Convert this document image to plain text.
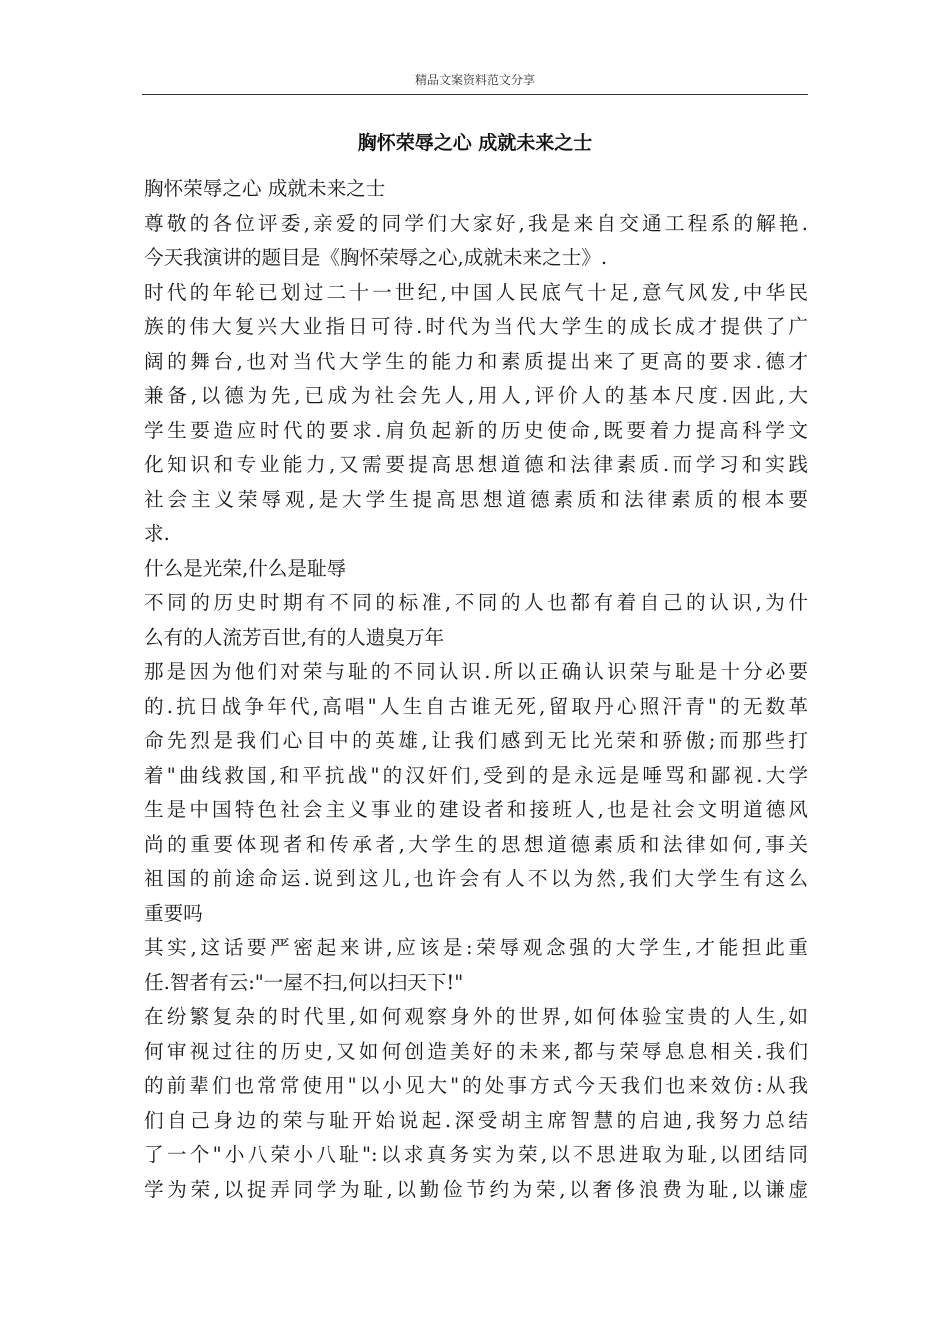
精品文案资料范文分享
胸怀荣辱之心 成就未来之士
胸怀荣辱之心 成就未来之士
尊敬的各位评委,亲爱的同学们大家好,我是来自交通工程系的解艳.
今天我演讲的题目是《胸怀荣辱之心,成就未来之士》.
时代的年轮已划过二十一世纪,中国人民底气十足,意气风发,中华民
族的伟大复兴大业指日可待.时代为当代大学生的成长成才提供了广
阔的舞台,也对当代大学生的能力和素质提出来了更高的要求.德才
兼备,以德为先,已成为社会先人,用人,评价人的基本尺度.因此,大
学生要造应时代的要求.肩负起新的历史使命,既要着力提高科学文
化知识和专业能力,又需要提高思想道德和法律素质.而学习和实践
社会主义荣辱观,是大学生提高思想道德素质和法律素质的根本要
求.
什么是光荣,什么是耻辱
不同的历史时期有不同的标准,不同的人也都有着自己的认识,为什
么有的人流芳百世,有的人遗臭万年
那是因为他们对荣与耻的不同认识.所以正确认识荣与耻是十分必要
的.抗日战争年代,高唱"人生自古谁无死,留取丹心照汗青"的无数革
命先烈是我们心目中的英雄,让我们感到无比光荣和骄傲;而那些打
着"曲线救国,和平抗战"的汉奸们,受到的是永远是唾骂和鄙视.大学
生是中国特色社会主义事业的建设者和接班人,也是社会文明道德风
尚的重要体现者和传承者,大学生的思想道德素质和法律如何,事关
祖国的前途命运.说到这儿,也许会有人不以为然,我们大学生有这么
重要吗
其实,这话要严密起来讲,应该是:荣辱观念强的大学生,才能担此重
任.智者有云:"一屋不扫,何以扫天下!"
在纷繁复杂的时代里,如何观察身外的世界,如何体验宝贵的人生,如
何审视过往的历史,又如何创造美好的未来,都与荣辱息息相关.我们
的前辈们也常常使用"以小见大"的处事方式今天我们也来效仿:从我
们自己身边的荣与耻开始说起.深受胡主席智慧的启迪,我努力总结
了一个"小八荣小八耻":以求真务实为荣,以不思进取为耻,以团结同
学为荣,以捉弄同学为耻,以勤俭节约为荣,以奢侈浪费为耻,以谦虚
